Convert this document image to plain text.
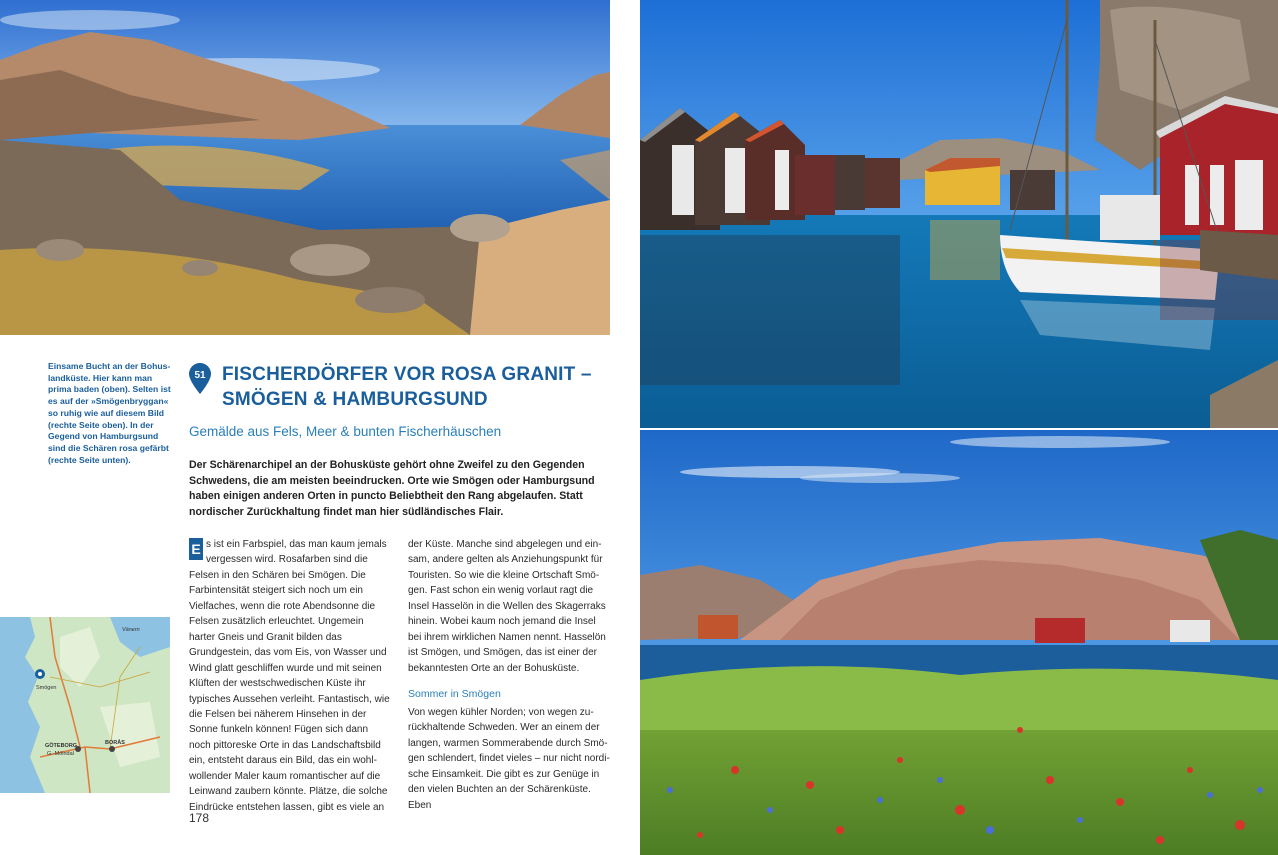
Einsame Bucht an der Bohuslandküste. Hier kann man prima baden (oben). Selten ist es auf der »Smögenbryggan« so ruhig wie auf diesem Bild (rechte Seite oben). In der Gegend von Hamburgsund sind die Schären rosa gefärbt (rechte Seite unten).

51 FISCHERDÖRFER VOR ROSA GRANIT –
SMÖGEN & HAMBURGSUND

Gemälde aus Fels, Meer & bunten Fischerhäuschen

Der Schärenarchipel an der Bohusküste gehört ohne Zweifel zu den Gegenden Schwedens, die am meisten beeindrucken. Orte wie Smögen oder Hamburgsund haben einigen anderen Orten in puncto Beliebtheit den Rang abgelaufen. Statt nordischer Zurückhaltung findet man hier südländisches Flair.

E s ist ein Farbspiel, das man kaum jemals vergessen wird. Rosafarben sind die Felsen in den Schären bei Smögen. Die Farbintensität steigert sich noch um ein Vielfaches, wenn die rote Abendsonne die Felsen zusätzlich erleuchtet. Ungemein harter Gneis und Granit bilden das Grundgestein, das vom Eis, von Wasser und Wind glatt geschliffen wurde und mit seinen Klüften der westschwedischen Küste ihr typisches Aussehen verleiht. Fantastisch, wie die Felsen bei näherem Hinsehen in der Sonne funkeln können! Fügen sich dann noch pittoreske Orte in das Landschaftsbild ein, entsteht daraus ein Bild, das ein wohlwollender Maler kaum romantischer auf die Leinwand zaubern könnte. Plätze, die solche Eindrücke entstehen lassen, gibt es viele an

der Küste. Manche sind abgelegen und einsam, andere gelten als Anziehungspunkt für Touristen. So wie die kleine Ortschaft Smögen. Fast schon ein wenig vorlaut ragt die Insel Hasselön in die Wellen des Skagerraks hinein. Wobei kaum noch jemand die Insel bei ihrem wirklichen Namen nennt. Hasselön ist Smögen, und Smögen, das ist einer der bekanntesten Orte an der Bohusküste.

Sommer in Smögen

Von wegen kühler Norden; von wegen zurückhaltende Schweden. Wer an einem der langen, warmen Sommerabende durch Smögen schlendert, findet vieles – nur nicht nordische Einsamkeit. Die gibt es zur Genüge in den vielen Buchten an der Schärenküste. Eben

Smögen
GÖTEBORG
G.-Mölndal
BORÅS
Vänern

178
